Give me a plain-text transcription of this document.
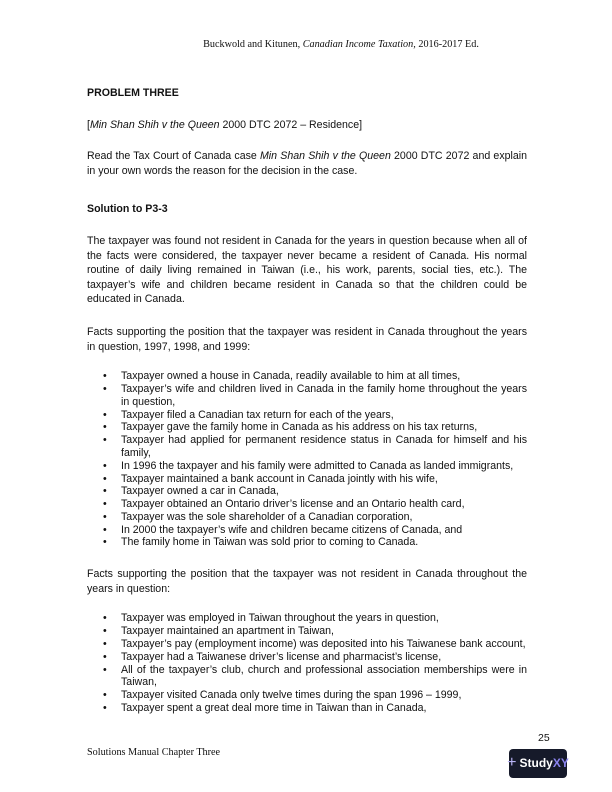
Buckwold and Kitunen, Canadian Income Taxation, 2016-2017 Ed.
PROBLEM THREE
[Min Shan Shih v the Queen 2000 DTC 2072 – Residence]
Read the Tax Court of Canada case Min Shan Shih v the Queen 2000 DTC 2072 and explain in your own words the reason for the decision in the case.
Solution to P3-3
The taxpayer was found not resident in Canada for the years in question because when all of the facts were considered, the taxpayer never became a resident of Canada. His normal routine of daily living remained in Taiwan (i.e., his work, parents, social ties, etc.). The taxpayer’s wife and children became resident in Canada so that the children could be educated in Canada.
Facts supporting the position that the taxpayer was resident in Canada throughout the years in question, 1997, 1998, and 1999:
• Taxpayer owned a house in Canada, readily available to him at all times,
• Taxpayer’s wife and children lived in Canada in the family home throughout the years in question,
• Taxpayer filed a Canadian tax return for each of the years,
• Taxpayer gave the family home in Canada as his address on his tax returns,
• Taxpayer had applied for permanent residence status in Canada for himself and his family,
• In 1996 the taxpayer and his family were admitted to Canada as landed immigrants,
• Taxpayer maintained a bank account in Canada jointly with his wife,
• Taxpayer owned a car in Canada,
• Taxpayer obtained an Ontario driver’s license and an Ontario health card,
• Taxpayer was the sole shareholder of a Canadian corporation,
• In 2000 the taxpayer’s wife and children became citizens of Canada, and
• The family home in Taiwan was sold prior to coming to Canada.
Facts supporting the position that the taxpayer was not resident in Canada throughout the years in question:
• Taxpayer was employed in Taiwan throughout the years in question,
• Taxpayer maintained an apartment in Taiwan,
• Taxpayer’s pay (employment income) was deposited into his Taiwanese bank account,
• Taxpayer had a Taiwanese driver’s license and pharmacist’s license,
• All of the taxpayer’s club, church and professional association memberships were in Taiwan,
• Taxpayer visited Canada only twelve times during the span 1996 – 1999,
• Taxpayer spent a great deal more time in Taiwan than in Canada,
25
Solutions Manual Chapter Three
+ StudyXY
